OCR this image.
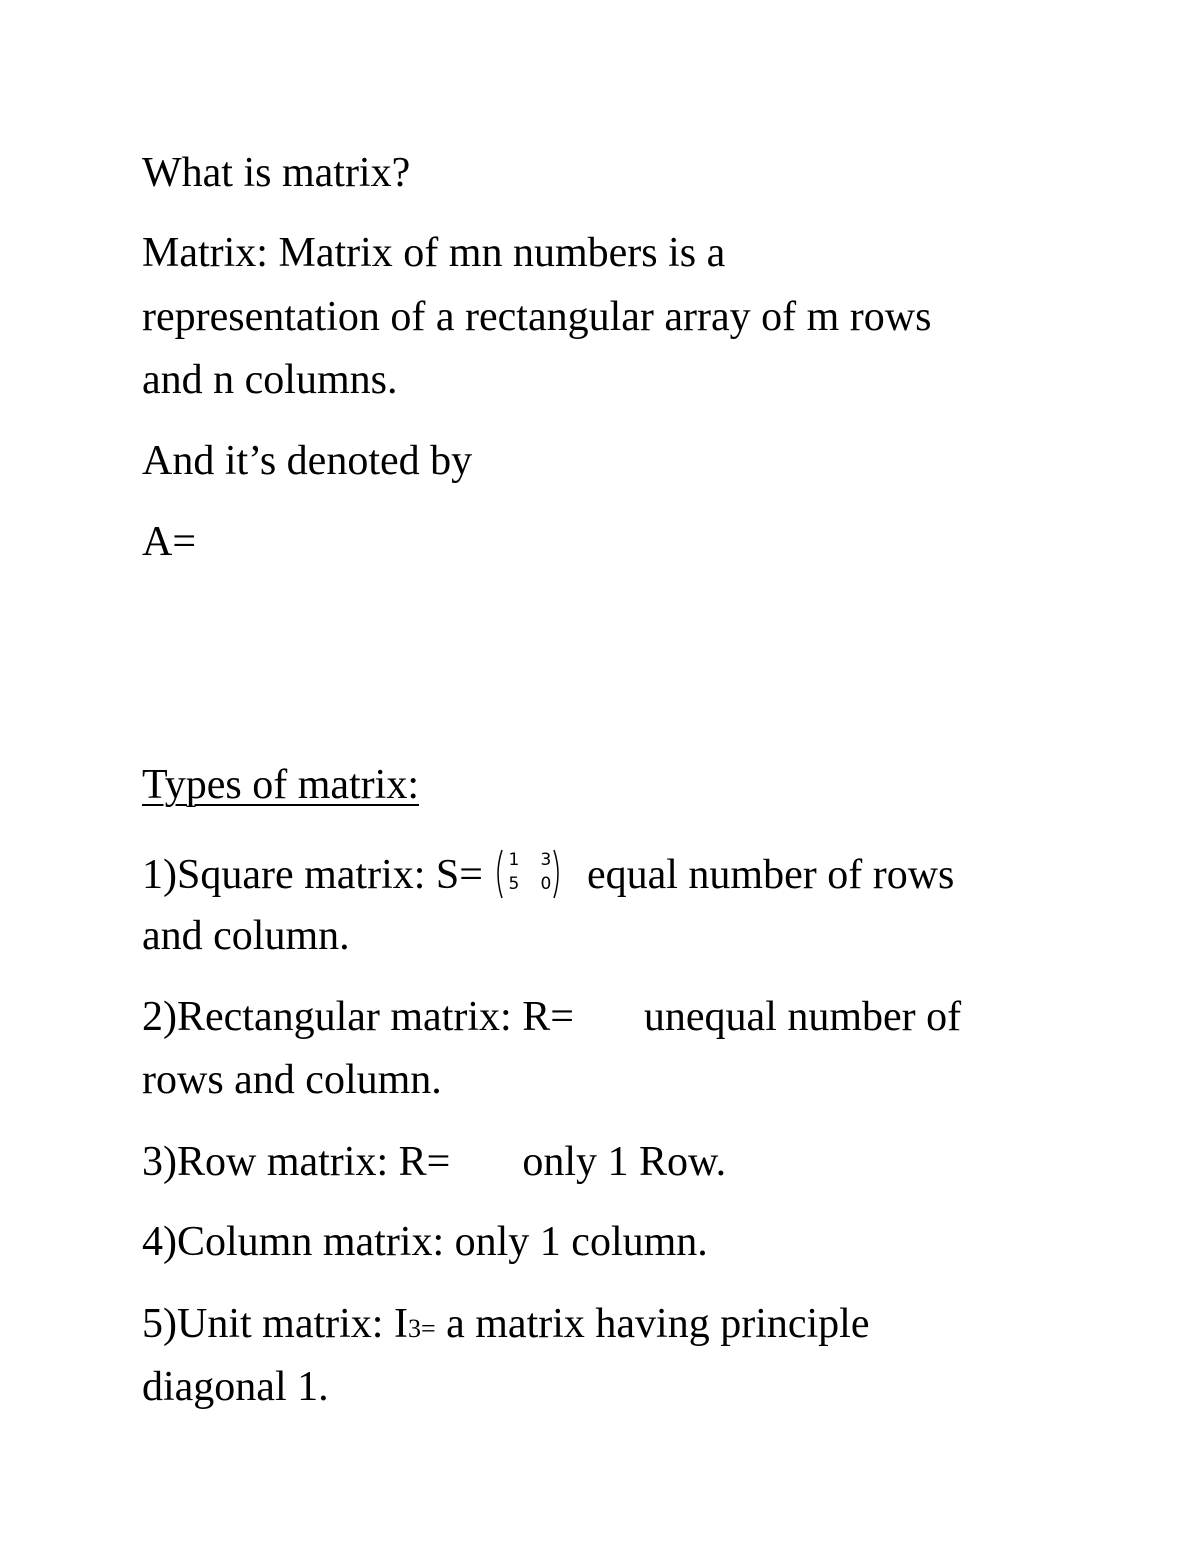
What is matrix?

Matrix: Matrix of mn numbers is a

representation of a rectangular array of m rows

and n columns.

And it’s denoted by

A=

Types of matrix:

1)Square matrix: S= 1 3
5 0 equal number of rows

and column.

2)Rectangular matrix: R= unequal number of

rows and column.

3)Row matrix: R= only 1 Row.

4)Column matrix: only 1 column.

5)Unit matrix: I3= a matrix having principle

diagonal 1.
